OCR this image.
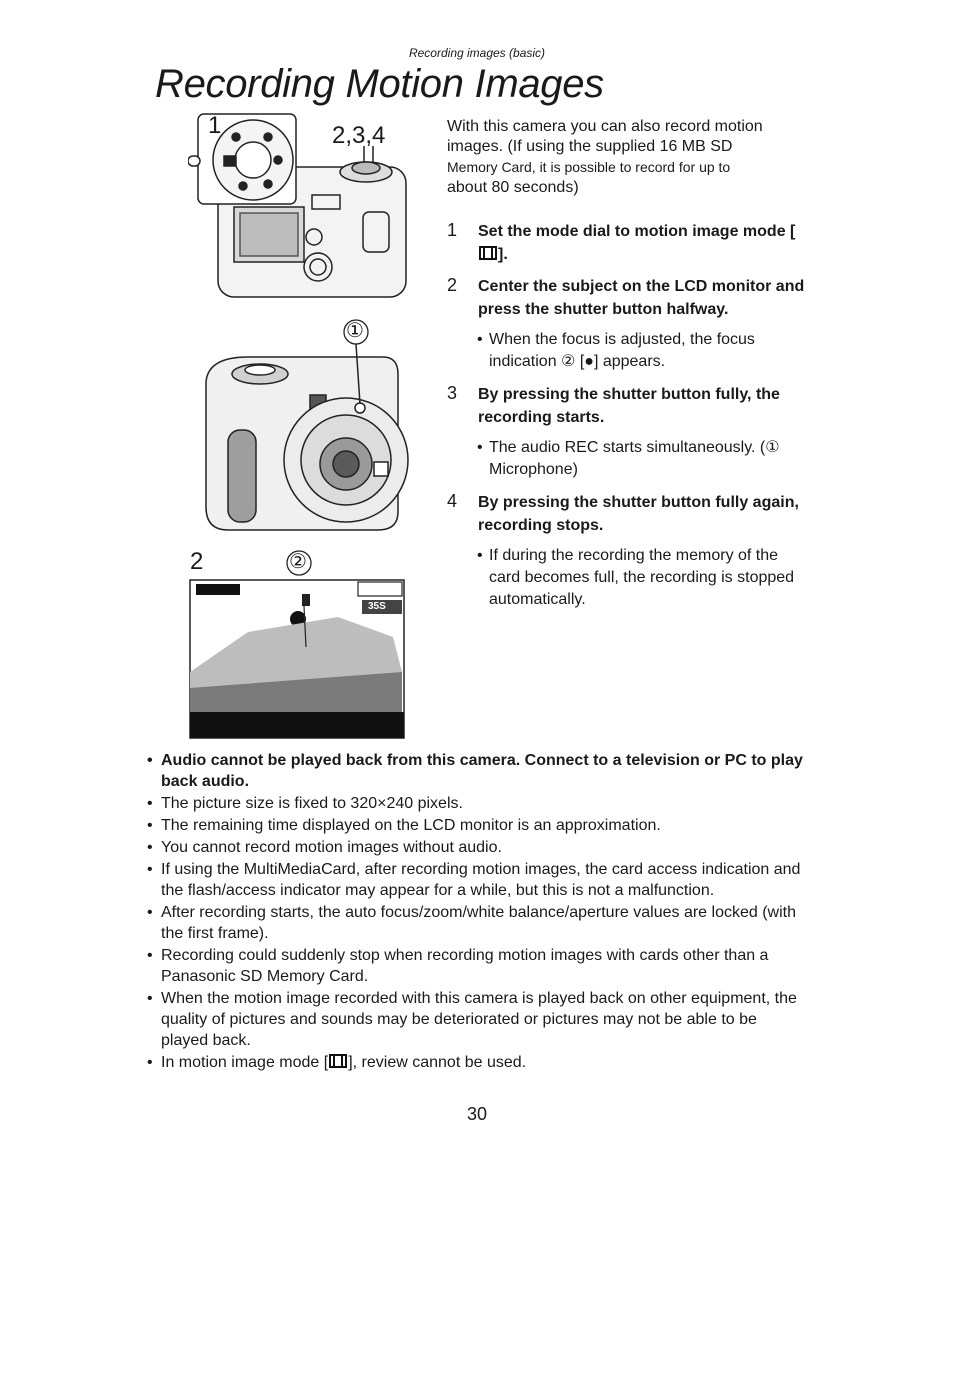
Recording images (basic)
Recording Motion Images
1	2,3,4
①
2	②
35S

With this camera you can also record motion
images. (If using the supplied 16 MB SD
Memory Card, it is possible to record for up to
about 80 seconds)

1 Set the mode dial to motion image mode [].
2 Center the subject on the LCD monitor and press the shutter button halfway.
• When the focus is adjusted, the focus indication ② [●] appears.
3 By pressing the shutter button fully, the recording starts.
• The audio REC starts simultaneously. (① Microphone)
4 By pressing the shutter button fully again, recording stops.
• If during the recording the memory of the card becomes full, the recording is stopped automatically.
• Audio cannot be played back from this camera. Connect to a television or PC to play back audio.
• The picture size is fixed to 320×240 pixels.
• The remaining time displayed on the LCD monitor is an approximation.
• You cannot record motion images without audio.
• If using the MultiMediaCard, after recording motion images, the card access indication and the flash/access indicator may appear for a while, but this is not a malfunction.
• After recording starts, the auto focus/zoom/white balance/aperture values are locked (with the first frame).
• Recording could suddenly stop when recording motion images with cards other than a Panasonic SD Memory Card.
• When the motion image recorded with this camera is played back on other equipment, the quality of pictures and sounds may be deteriorated or pictures may not be able to be played back.
• In motion image mode [ ], review cannot be used.
30
